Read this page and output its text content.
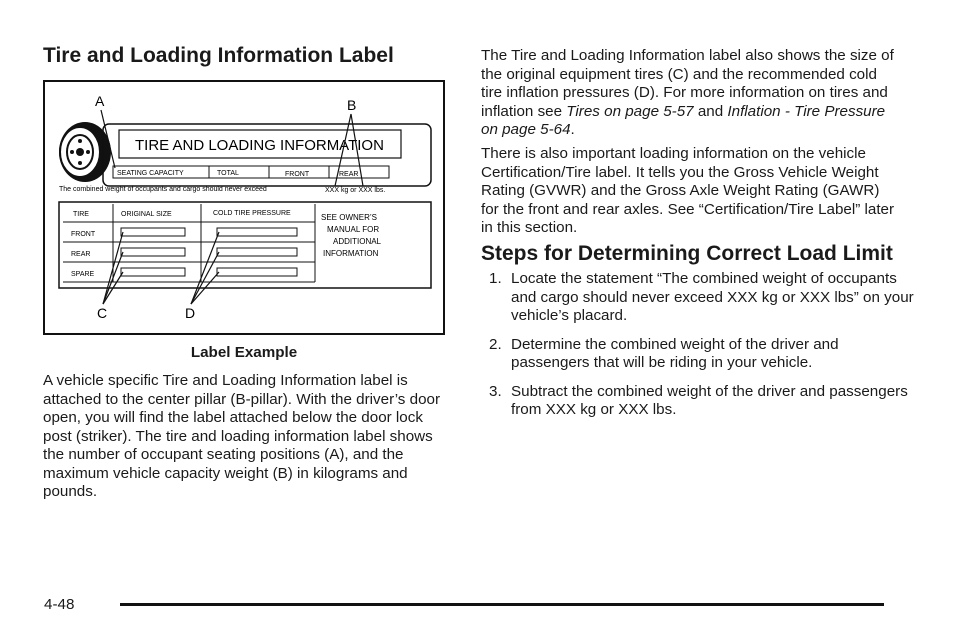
Tire and Loading Information Label
TIRE AND LOADING INFORMATION
SEATING CAPACITY	TOTAL	FRONT	REAR
The combined weight of occupants and cargo should never exceed	XXX kg or XXX lbs.
TIRE	ORIGINAL SIZE	COLD TIRE PRESSURE
FRONT
REAR
SPARE
SEE OWNER’S
MANUAL FOR
ADDITIONAL
INFORMATION
A	B
C	D
Label Example

A vehicle specific Tire and Loading Information label is attached to the center pillar (B-pillar). With the driver’s door open, you will find the label attached below the door lock post (striker). The tire and loading information label shows the number of occupant seating positions (A), and the maximum vehicle capacity weight (B) in kilograms and pounds.

The Tire and Loading Information label also shows the size of the original equipment tires (C) and the recommended cold tire inflation pressures (D). For more information on tires and inflation see Tires on page 5-57 and Inflation - Tire Pressure on page 5-64.

There is also important loading information on the vehicle Certification/Tire label. It tells you the Gross Vehicle Weight Rating (GVWR) and the Gross Axle Weight Rating (GAWR) for the front and rear axles. See “Certification/Tire Label” later in this section.

Steps for Determining Correct Load Limit
1. Locate the statement “The combined weight of occupants and cargo should never exceed XXX kg or XXX lbs” on your vehicle’s placard.
2. Determine the combined weight of the driver and passengers that will be riding in your vehicle.
3. Subtract the combined weight of the driver and passengers from XXX kg or XXX lbs.
4-48
